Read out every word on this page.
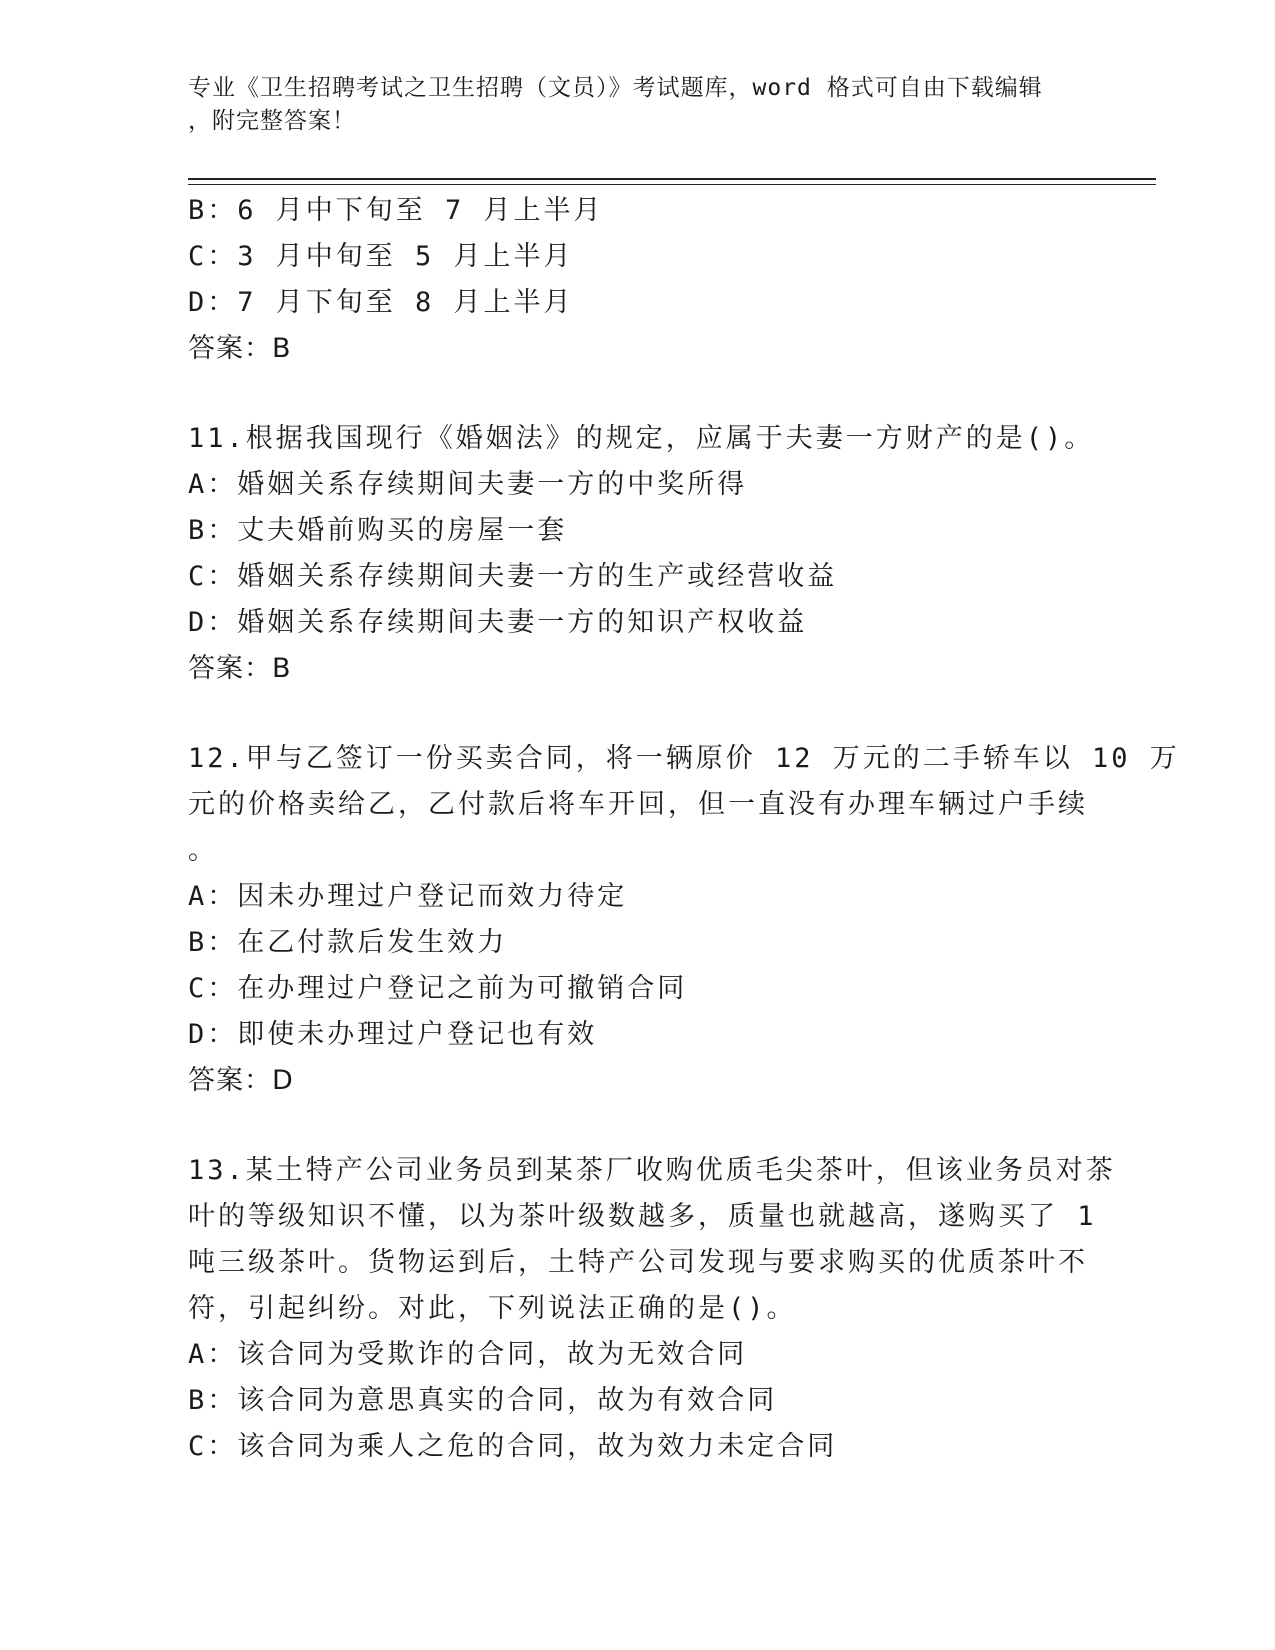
专业《卫生招聘考试之卫生招聘（文员）》考试题库，word 格式可自由下载编辑
，附完整答案！
B：6 月中下旬至 7 月上半月
C：3 月中旬至 5 月上半月
D：7 月下旬至 8 月上半月
答案：B
11.根据我国现行《婚姻法》的规定，应属于夫妻一方财产的是()。
A：婚姻关系存续期间夫妻一方的中奖所得
B：丈夫婚前购买的房屋一套
C：婚姻关系存续期间夫妻一方的生产或经营收益
D：婚姻关系存续期间夫妻一方的知识产权收益
答案：B
12.甲与乙签订一份买卖合同，将一辆原价 12 万元的二手轿车以 10 万
元的价格卖给乙，乙付款后将车开回，但一直没有办理车辆过户手续
。
A：因未办理过户登记而效力待定
B：在乙付款后发生效力
C：在办理过户登记之前为可撤销合同
D：即使未办理过户登记也有效
答案：D
13.某土特产公司业务员到某茶厂收购优质毛尖茶叶，但该业务员对茶
叶的等级知识不懂，以为茶叶级数越多，质量也就越高，遂购买了 1
吨三级茶叶。货物运到后，土特产公司发现与要求购买的优质茶叶不
符，引起纠纷。对此，下列说法正确的是()。
A：该合同为受欺诈的合同，故为无效合同
B：该合同为意思真实的合同，故为有效合同
C：该合同为乘人之危的合同，故为效力未定合同
